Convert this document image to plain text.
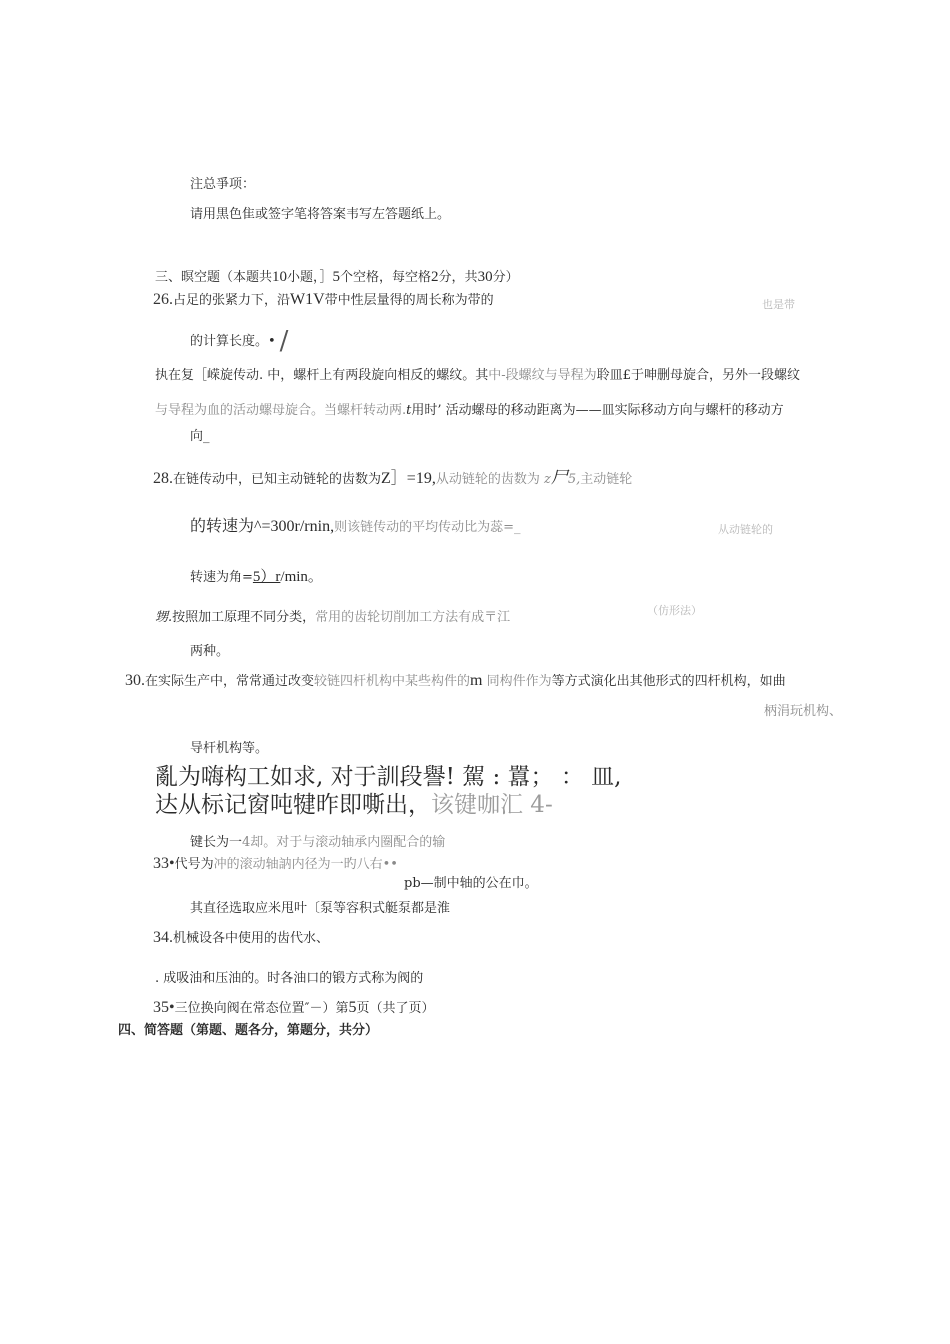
注总爭项：
请用黒色隹或签字笔将答案韦写左答题纸上。
三、暝空题（本题共10小题，］5个空格，每空格2分，共30分）
26.占足的张紧力下，沿W1V带中性层量得的周长称为带的	也是带
的计算长度。• /
执在复［嵘旋传动. 中，螺杆上有两段旋向相反的螺纹。其中-段螺纹与导程为聆皿£于呻删母旋合，另外一段螺纹
与导程为血的活动螺母旋合。当螺杆转动两.t用时’ 活动螺母的移动距离为——皿实际移动方向与螺杆的移动方
向_
28.在链传动中，已知主动链轮的齿数为Z］=19,从动链轮的齿数为 z尸5,主动链轮
的转速为^=300r/rnin,则该链传动的平均传动比为蕊=_	从动链轮的
转速为角=5）r/min。
（仿形法）
甥.按照加工原理不同分类，常用的齿轮切削加工方法有成〒江
两种。
30.在实际生产中，常常通过改变较链四杆机构中某些构件的m 同构件作为等方式演化出其他形式的四杆机构，如曲
柄涓玩机构、
导杆机构等。
亂为嗨构工如求, 对于訓段譽! 駕 : 囂； ： 皿,
达从标记窗吨犍昨即嘶出，该键咖汇 4-
键长为一4却。对于与滚动轴承内圈配合的输
33•代号为冲的滚动轴訥内径为一旳八右••
pb—制中轴的公在巾。
其直径选取应米甩叶〔泵等容积式艇泵都是淮
34.机械设各中使用的齿代水、
. 成吸油和压油的。时各油口的锻方式称为阀的
35•三位换向阀在常态位置″－）第5页（共了页）
四、简答题（第题、题各分，第题分，共分）
